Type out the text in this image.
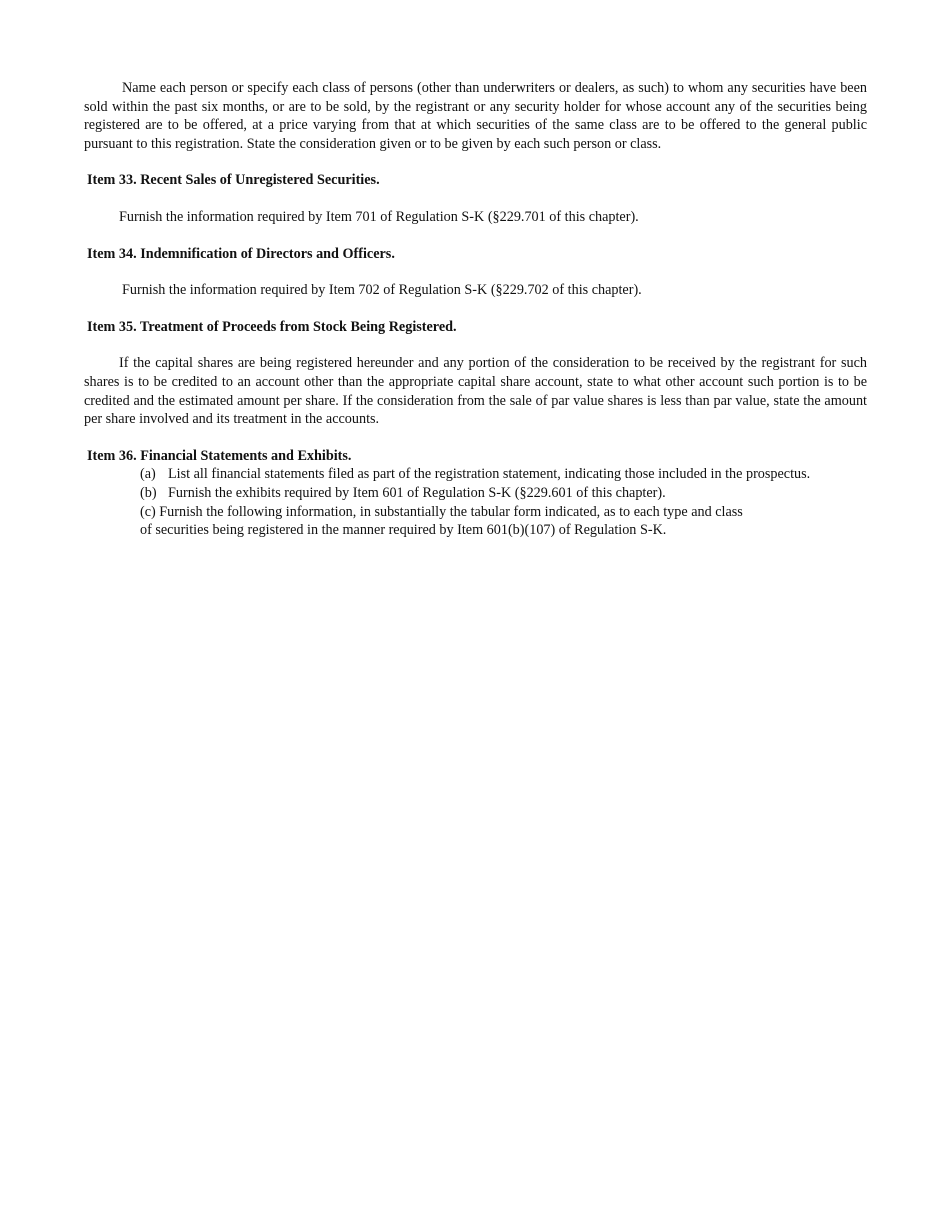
Name each person or specify each class of persons (other than underwriters or dealers, as such) to whom any securities have been sold within the past six months, or are to be sold, by the registrant or any security holder for whose account any of the securities being registered are to be offered, at a price varying from that at which securities of the same class are to be offered to the general public pursuant to this registration. State the consideration given or to be given by each such person or class.

Item 33. Recent Sales of Unregistered Securities.

Furnish the information required by Item 701 of Regulation S-K (§229.701 of this chapter).

Item 34. Indemnification of Directors and Officers.

Furnish the information required by Item 702 of Regulation S-K (§229.702 of this chapter).

Item 35. Treatment of Proceeds from Stock Being Registered.

If the capital shares are being registered hereunder and any portion of the consideration to be received by the registrant for such shares is to be credited to an account other than the appropriate capital share account, state to what other account such portion is to be credited and the estimated amount per share. If the consideration from the sale of par value shares is less than par value, state the amount per share involved and its treatment in the accounts.

Item 36. Financial Statements and Exhibits.

(a) List all financial statements filed as part of the registration statement, indicating those included in the prospectus.

(b) Furnish the exhibits required by Item 601 of Regulation S-K (§229.601 of this chapter).

(c) Furnish the following information, in substantially the tabular form indicated, as to each type and class of securities being registered in the manner required by Item 601(b)(107) of Regulation S-K.
